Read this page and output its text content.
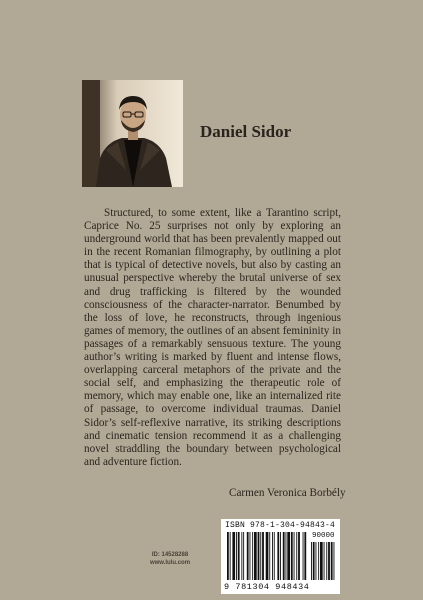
Daniel Sidor

Structured, to some extent, like a Tarantino script, Caprice No. 25 surprises not only by exploring an underground world that has been prevalently mapped out in the recent Romanian filmography, by outlining a plot that is typical of detective novels, but also by casting an unusual perspective whereby the brutal universe of sex and drug trafficking is filtered by the wounded consciousness of the character-narrator. Benumbed by the loss of love, he reconstructs, through ingenious games of memory, the outlines of an absent femininity in passages of a remarkably sensuous texture. The young author’s writing is marked by fluent and intense flows, overlapping carceral metaphors of the private and the social self, and emphasizing the therapeutic role of memory, which may enable one, like an internalized rite of passage, to overcome individual traumas. Daniel Sidor’s self-reflexive narrative, its striking descriptions and cinematic tension recommend it as a challenging novel straddling the boundary between psychological and adventure fiction.

Carmen Veronica Borbély
ID: 14528288
www.lulu.com
ISBN 978-1-304-94843-4
90000
9 781304 948434
